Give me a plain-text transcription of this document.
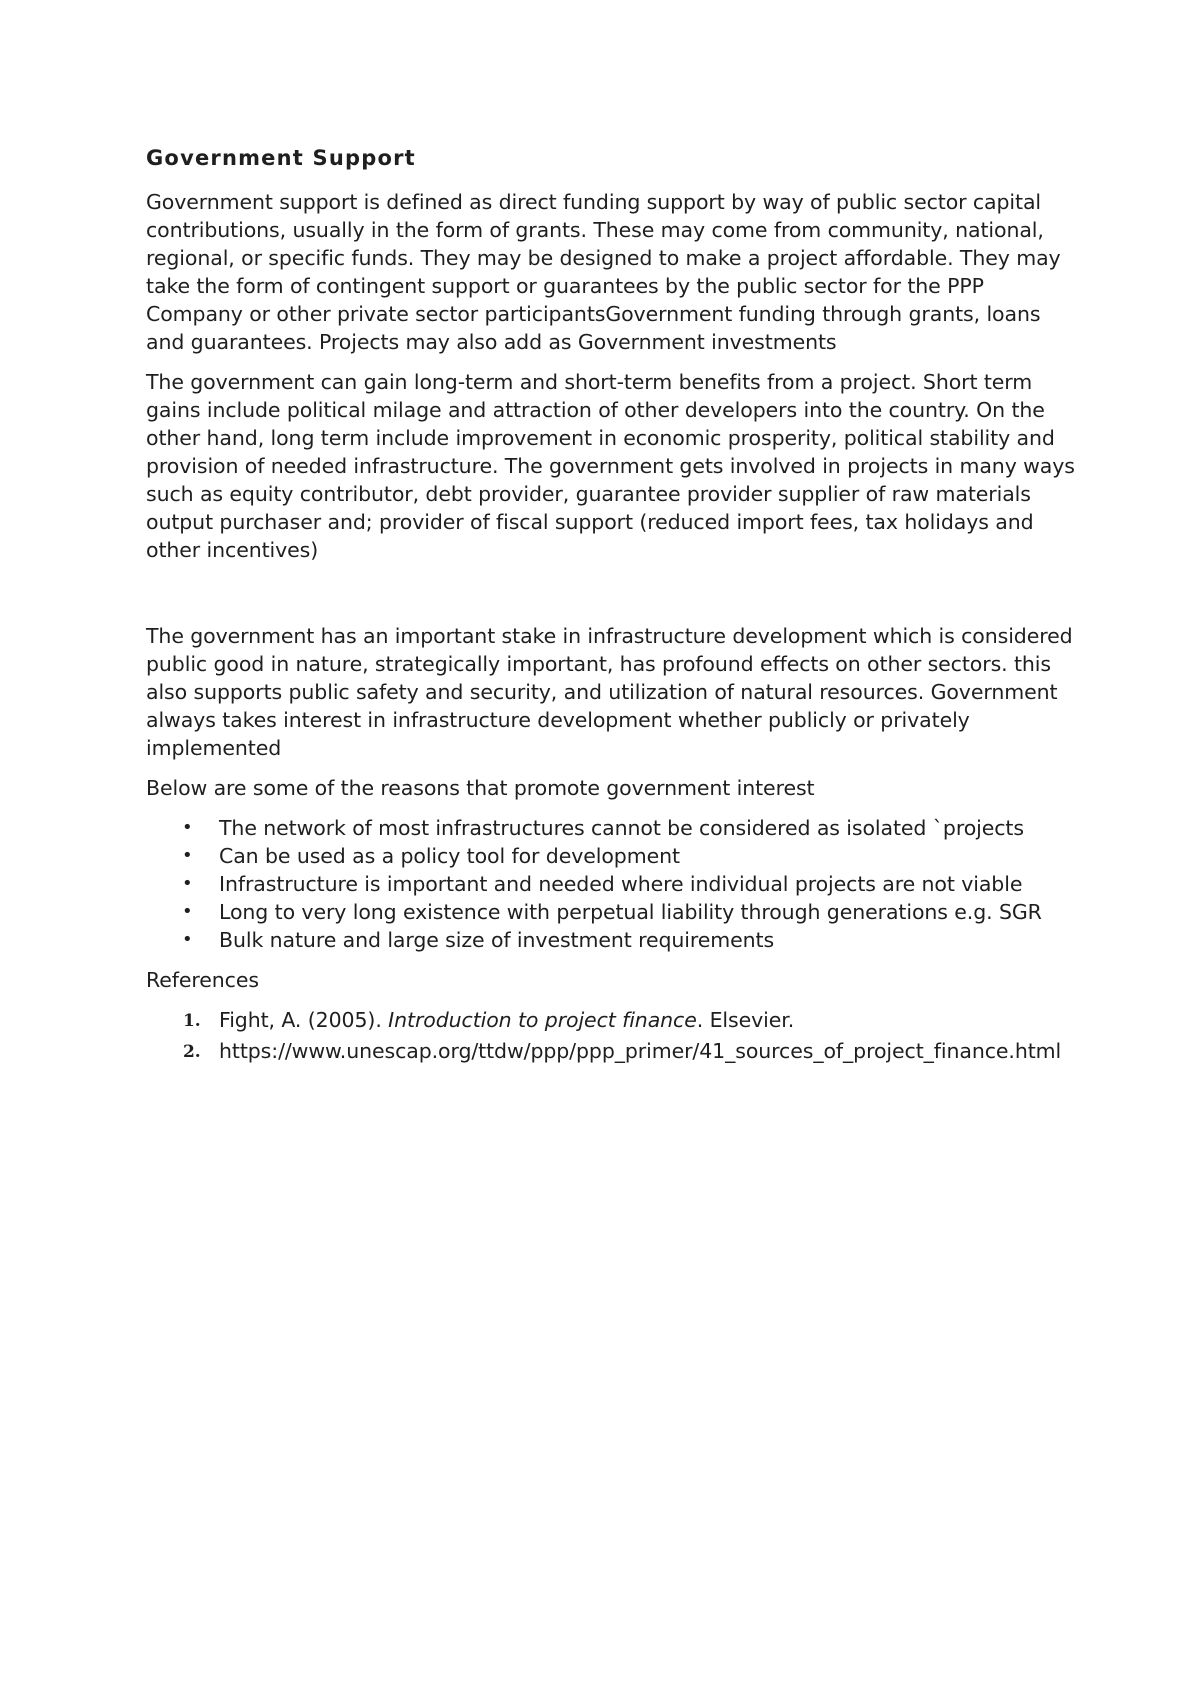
Government Support

Government support is defined as direct funding support by way of public sector capital contributions, usually in the form of grants. These may come from community, national, regional, or specific funds. They may be designed to make a project affordable. They may take the form of contingent support or guarantees by the public sector for the PPP Company or other private sector participantsGovernment funding through grants, loans and guarantees. Projects may also add as Government investments

The government can gain long-term and short-term benefits from a project. Short term gains include political milage and attraction of other developers into the country. On the other hand, long term include improvement in economic prosperity, political stability and provision of needed infrastructure. The government gets involved in projects in many ways such as equity contributor, debt provider, guarantee provider supplier of raw materials output purchaser and; provider of fiscal support (reduced import fees, tax holidays and other incentives)

The government has an important stake in infrastructure development which is considered public good in nature, strategically important, has profound effects on other sectors. this also supports public safety and security, and utilization of natural resources. Government always takes interest in infrastructure development whether publicly or privately implemented

Below are some of the reasons that promote government interest

•	The network of most infrastructures cannot be considered as isolated `projects
•	Can be used as a policy tool for development
•	Infrastructure is important and needed where individual projects are not viable
•	Long to very long existence with perpetual liability through generations e.g. SGR
•	Bulk nature and large size of investment requirements

References

1. Fight, A. (2005). Introduction to project finance. Elsevier.
2. https://www.unescap.org/ttdw/ppp/ppp_primer/41_sources_of_project_finance.html
